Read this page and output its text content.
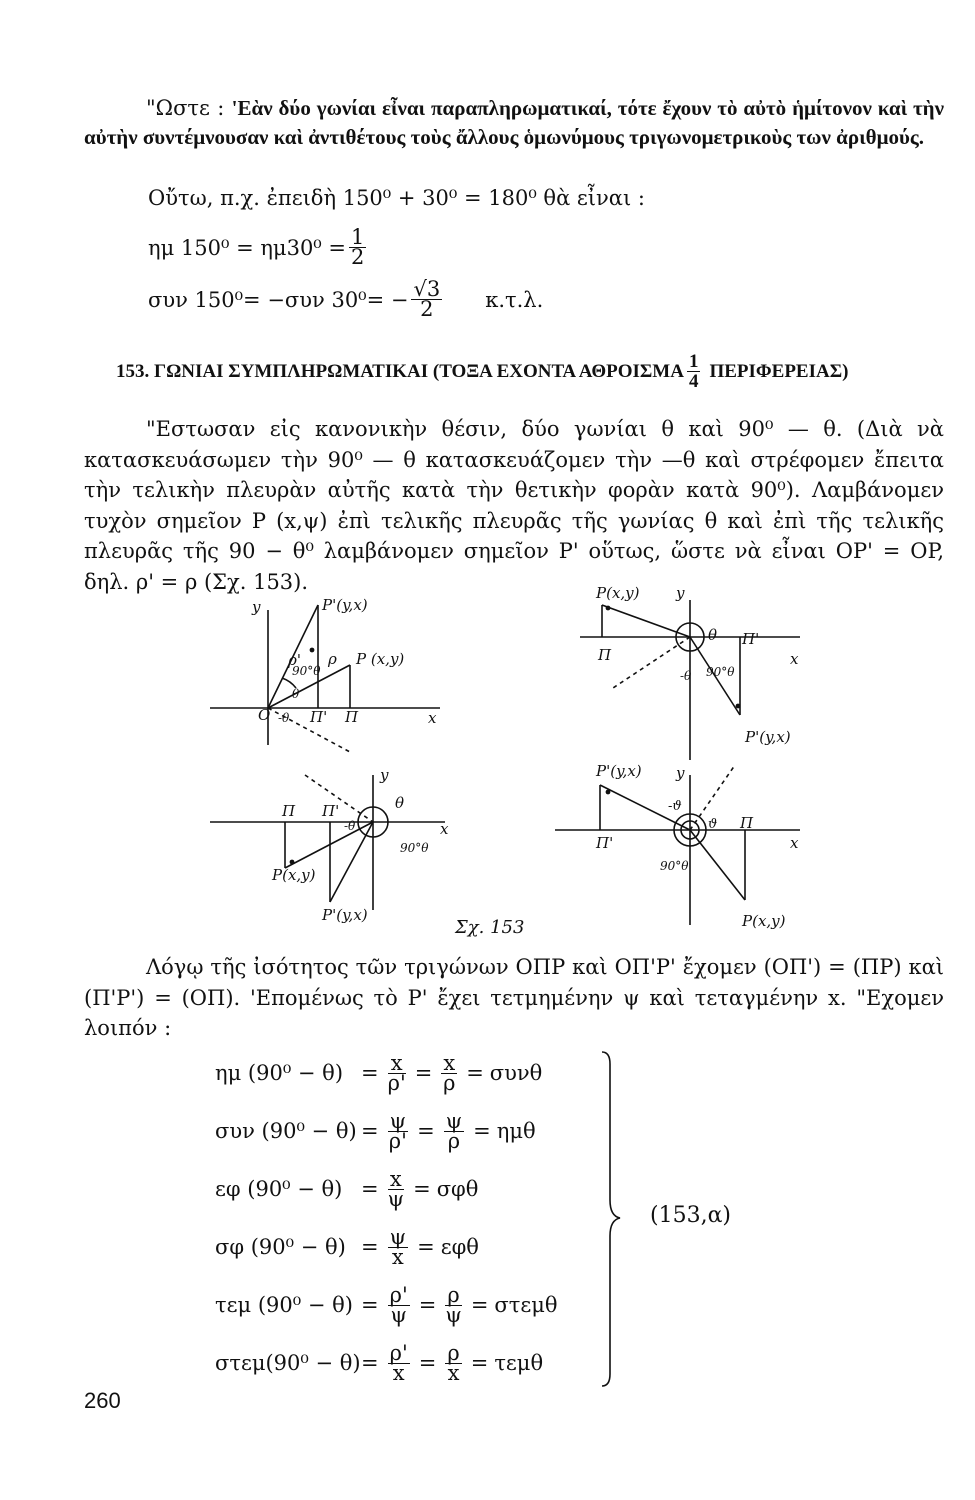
"Ωστε : 'Εὰν δύο γωνίαι εἶναι παραπληρωματικαί, τότε ἔχουν τὸ αὐτὸ ἡμίτονον καὶ τὴν αὐτὴν συντέμνουσαν καὶ ἀντιθέτους τοὺς ἄλλους ὁμωνύμους τριγωνομετρικοὺς των ἀριθμούς.
Οὔτω, π.χ. ἐπειδὴ 150⁰ + 30⁰ = 180⁰ θὰ εἶναι :
ημ $150^0 = \eta\mu 30^0 = \frac{1}{2}$
συν 150⁰= −συν $30^0= - \frac{√3}{2} \kappa.\tau.\lambda$.
153. ΓΩΝΙΑΙ ΣΥΜΠΛΗΡΩΜΑΤΙΚΑΙ (ΤΟΞΑ ΕΧΟΝΤΑ ΑΘΡΟΙΣΜΑ $\frac{1}{4} \Pi EPI\Phi EPEIA\Sigma$)
"Εστωσαν εἰς κανονικὴν θέσιν, δύο γωνίαι θ καὶ 90⁰ — θ. (Διὰ νὰ κατασκευάσωμεν τὴν 90⁰ — θ κατασκευάζομεν τὴν —θ καὶ στρέφομεν ἔπειτα τὴν τελικὴν πλευρὰν αὐτῆς κατὰ τὴν θετικὴν φορὰν κατὰ 90⁰). Λαμβάνομεν τυχὸν σημεῖον P (x,ψ) ἐπὶ τελικῆς πλευρᾶς τῆς γωνίας θ καὶ ἐπὶ τῆς τελικῆς πλευρᾶς τῆς 90 − θ⁰ λαμβάνομεν σημεῖον P' οὕτως, ὥστε νὰ εἶναι OP' = OP, δηλ. ρ' = ρ (Σχ. 153).
y	P'(y,x)
P (x,y)
ρ' ρ
90°θ
θ
O -θ Π' Π	x
P(x,y) y
θ Π'
Π
-θ 90°θ
x
P'(y,x)
y
θ
Π Π'
-θ
90°θ
x
P(x,y)
P'(y,x)
P'(y,x) y
-ϑ
ϑ Π
Π'
90°θ
x
P(x,y)
Σχ. 153
Λόγῳ τῆς ἰσότητος τῶν τριγώνων ΟΠΡ καὶ ΟΠ'Ρ' ἔχομεν (ΟΠ') = (ΠΡ) καὶ (Π'Ρ') = (ΟΠ). 'Επομένως τὸ Ρ' ἔχει τετμημένην ψ καὶ τεταγμένην x. "Εχομεν λοιπόν :
ημ $(90^0 - \theta) = \frac{x}{\rho'} = \frac{x}{\rho} = \sigma\upsilon\nu\theta$
συν $(90^0 - \theta) = \frac{\psi}{\rho'} = \frac{\psi}{\rho} = \eta\mu\theta$
εφ $(90^0 - \theta) = \frac{x}{\psi} = \sigma\varphi\theta$
σφ $(90^0 - \theta) = \frac{\psi}{x} = \varepsilon\varphi\theta$
τεμ $(90^0 - \theta) = \frac{\rho'}{\psi} = \frac{\rho}{\psi} = \sigma\tau\varepsilon\mu\theta$
$\sigma\tau\varepsilon\mu(90^0 - \theta) = \frac{\rho'}{x} = \frac{\rho}{x} = \tau\varepsilon\mu\theta$
(153,α)
260
